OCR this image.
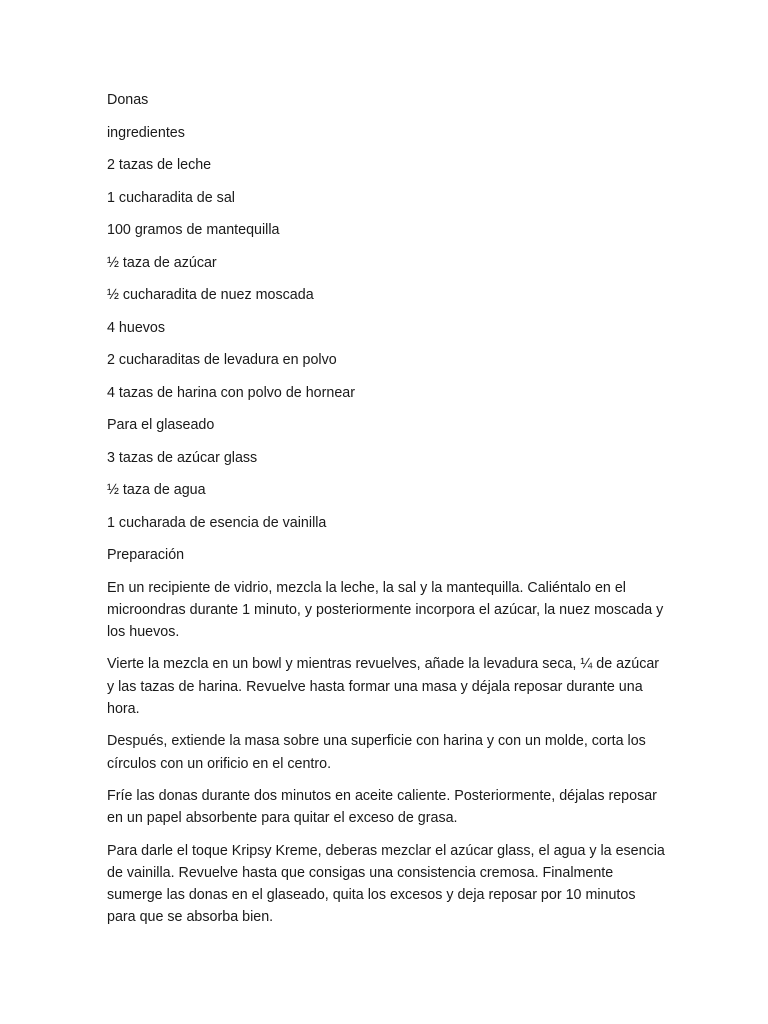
Donas

ingredientes

2 tazas de leche

1 cucharadita de sal

100 gramos de mantequilla

½ taza de azúcar

½ cucharadita de nuez moscada

4 huevos

2 cucharaditas de levadura en polvo

4 tazas de harina con polvo de hornear

Para el glaseado

3 tazas de azúcar glass

½ taza de agua

1 cucharada de esencia de vainilla

Preparación

En un recipiente de vidrio, mezcla la leche, la sal y la mantequilla. Caliéntalo en el microondras durante 1 minuto, y posteriormente incorpora el azúcar, la nuez moscada y los huevos.

Vierte la mezcla en un bowl y mientras revuelves, añade la levadura seca, ¼ de azúcar y las tazas de harina. Revuelve hasta formar una masa y déjala reposar durante una hora.

Después, extiende la masa sobre una superficie con harina y con un molde, corta los círculos con un orificio en el centro.

Fríe las donas durante dos minutos en aceite caliente. Posteriormente, déjalas reposar en un papel absorbente para quitar el exceso de grasa.

Para darle el toque Kripsy Kreme, deberas mezclar el azúcar glass, el agua y la esencia de vainilla. Revuelve hasta que consigas una consistencia cremosa. Finalmente sumerge las donas en el glaseado, quita los excesos y deja reposar por 10 minutos para que se absorba bien.
